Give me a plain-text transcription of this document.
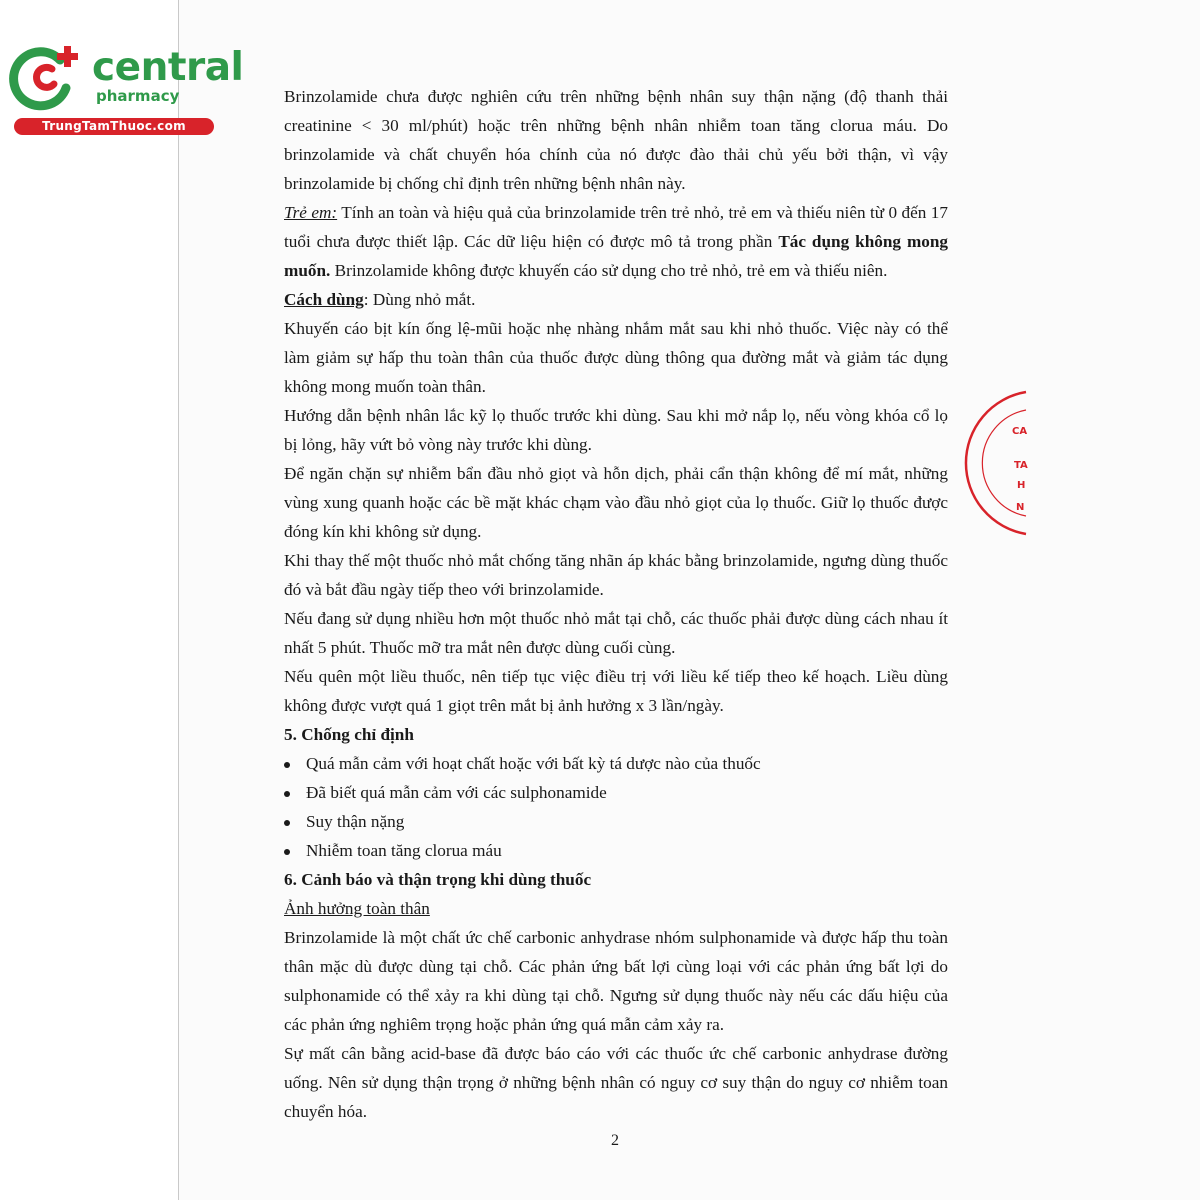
central
pharmacy
TrungTamThuoc.com
CA
TA
H
N

Brinzolamide chưa được nghiên cứu trên những bệnh nhân suy thận nặng (độ thanh thải creatinine < 30 ml/phút) hoặc trên những bệnh nhân nhiễm toan tăng clorua máu. Do brinzolamide và chất chuyển hóa chính của nó được đào thải chủ yếu bởi thận, vì vậy brinzolamide bị chống chỉ định trên những bệnh nhân này.

Trẻ em: Tính an toàn và hiệu quả của brinzolamide trên trẻ nhỏ, trẻ em và thiếu niên từ 0 đến 17 tuổi chưa được thiết lập. Các dữ liệu hiện có được mô tả trong phần Tác dụng không mong muốn. Brinzolamide không được khuyến cáo sử dụng cho trẻ nhỏ, trẻ em và thiếu niên.

Cách dùng: Dùng nhỏ mắt.

Khuyến cáo bịt kín ống lệ-mũi hoặc nhẹ nhàng nhắm mắt sau khi nhỏ thuốc. Việc này có thể làm giảm sự hấp thu toàn thân của thuốc được dùng thông qua đường mắt và giảm tác dụng không mong muốn toàn thân.

Hướng dẫn bệnh nhân lắc kỹ lọ thuốc trước khi dùng. Sau khi mở nắp lọ, nếu vòng khóa cổ lọ bị lỏng, hãy vứt bỏ vòng này trước khi dùng.

Để ngăn chặn sự nhiễm bẩn đầu nhỏ giọt và hỗn dịch, phải cẩn thận không để mí mắt, những vùng xung quanh hoặc các bề mặt khác chạm vào đầu nhỏ giọt của lọ thuốc. Giữ lọ thuốc được đóng kín khi không sử dụng.

Khi thay thế một thuốc nhỏ mắt chống tăng nhãn áp khác bằng brinzolamide, ngưng dùng thuốc đó và bắt đầu ngày tiếp theo với brinzolamide.

Nếu đang sử dụng nhiều hơn một thuốc nhỏ mắt tại chỗ, các thuốc phải được dùng cách nhau ít nhất 5 phút. Thuốc mỡ tra mắt nên được dùng cuối cùng.

Nếu quên một liều thuốc, nên tiếp tục việc điều trị với liều kế tiếp theo kế hoạch. Liều dùng không được vượt quá 1 giọt trên mắt bị ảnh hưởng x 3 lần/ngày.

5. Chống chỉ định

Quá mẫn cảm với hoạt chất hoặc với bất kỳ tá dược nào của thuốc
Đã biết quá mẫn cảm với các sulphonamide
Suy thận nặng
Nhiễm toan tăng clorua máu

6. Cảnh báo và thận trọng khi dùng thuốc

Ảnh hưởng toàn thân

Brinzolamide là một chất ức chế carbonic anhydrase nhóm sulphonamide và được hấp thu toàn thân mặc dù được dùng tại chỗ. Các phản ứng bất lợi cùng loại với các phản ứng bất lợi do sulphonamide có thể xảy ra khi dùng tại chỗ. Ngưng sử dụng thuốc này nếu các dấu hiệu của các phản ứng nghiêm trọng hoặc phản ứng quá mẫn cảm xảy ra.

Sự mất cân bằng acid-base đã được báo cáo với các thuốc ức chế carbonic anhydrase đường uống. Nên sử dụng thận trọng ở những bệnh nhân có nguy cơ suy thận do nguy cơ nhiễm toan chuyển hóa.

2
